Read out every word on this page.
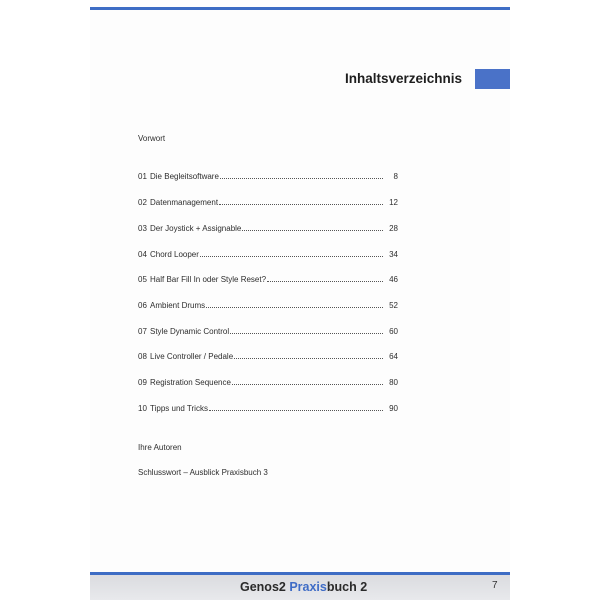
Inhaltsverzeichnis
Vorwort
01 Die Begleitsoftware	8
02 Datenmanagement	12
03 Der Joystick + Assignable	28
04 Chord Looper	34
05 Half Bar Fill In oder Style Reset?	46
06 Ambient Drums	52
07 Style Dynamic Control	60
08 Live Controller / Pedale	64
09 Registration Sequence	80
10 Tipps und Tricks	90
Ihre Autoren
Schlusswort – Ausblick Praxisbuch 3
Genos2 Praxisbuch 2	7
